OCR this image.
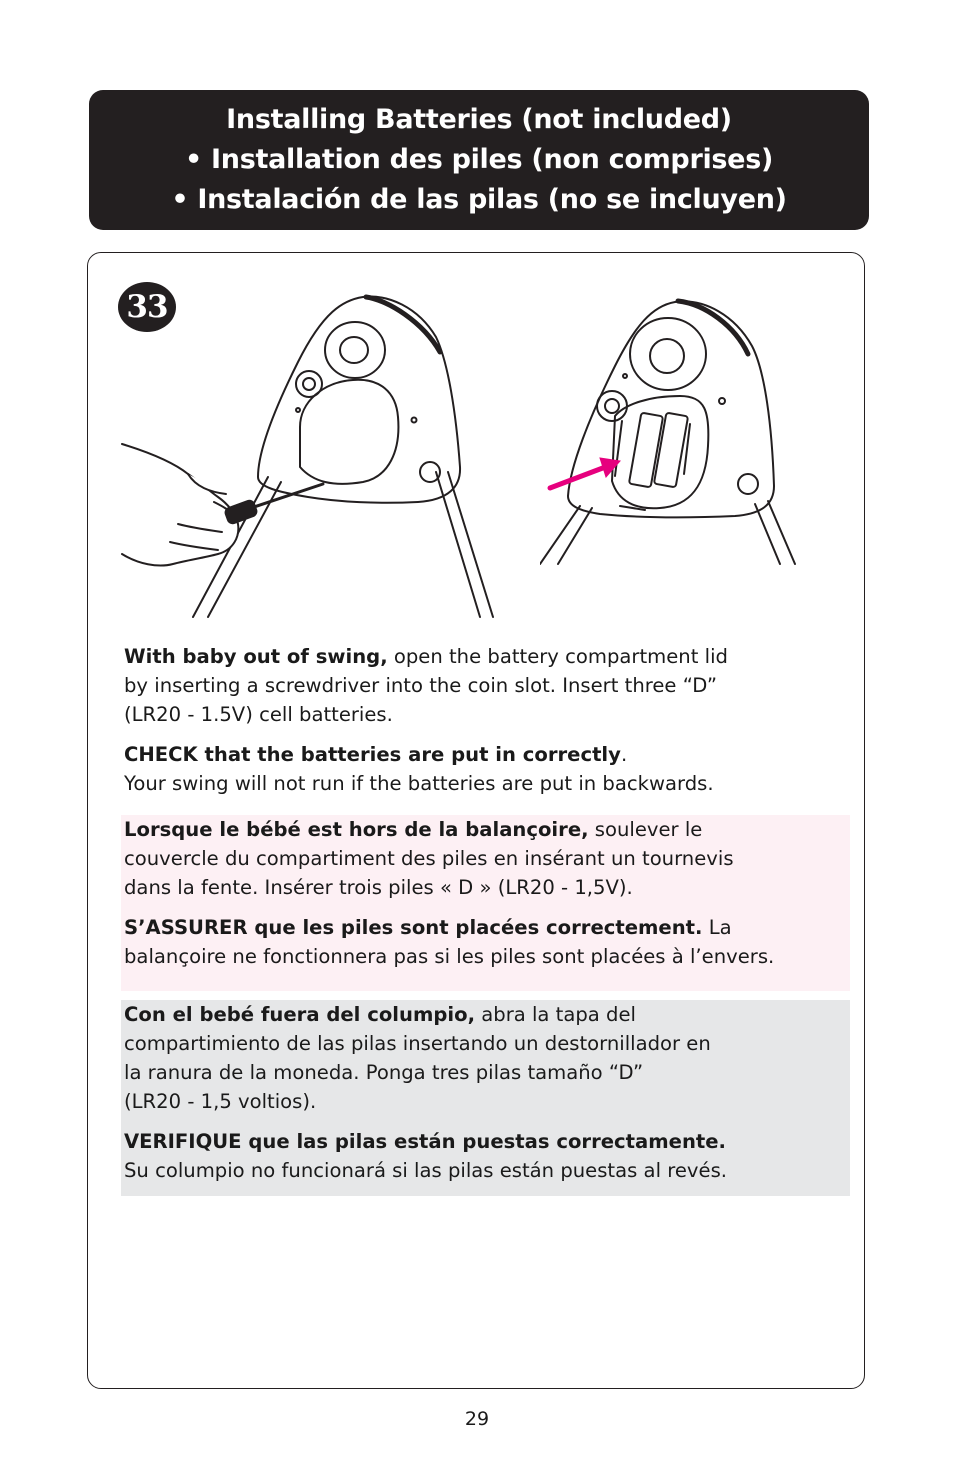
Installing Batteries (not included)
• Installation des piles (non comprises)
• Instalación de las pilas (no se incluyen)
33

With baby out of swing, open the battery compartment lid

by inserting a screwdriver into the coin slot. Insert three “D”

(LR20 - 1.5V) cell batteries.

CHECK that the batteries are put in correctly.

Your swing will not run if the batteries are put in backwards.

Lorsque le bébé est hors de la balançoire, soulever le

couvercle du compartiment des piles en insérant un tournevis

dans la fente. Insérer trois piles « D » (LR20 - 1,5V).

S’ASSURER que les piles sont placées correctement. La

balançoire ne fonctionnera pas si les piles sont placées à l’envers.

Con el bebé fuera del columpio, abra la tapa del

compartimiento de las pilas insertando un destornillador en

la ranura de la moneda. Ponga tres pilas tamaño “D”

(LR20 - 1,5 voltios).

VERIFIQUE que las pilas están puestas correctamente.

Su columpio no funcionará si las pilas están puestas al revés.

29
